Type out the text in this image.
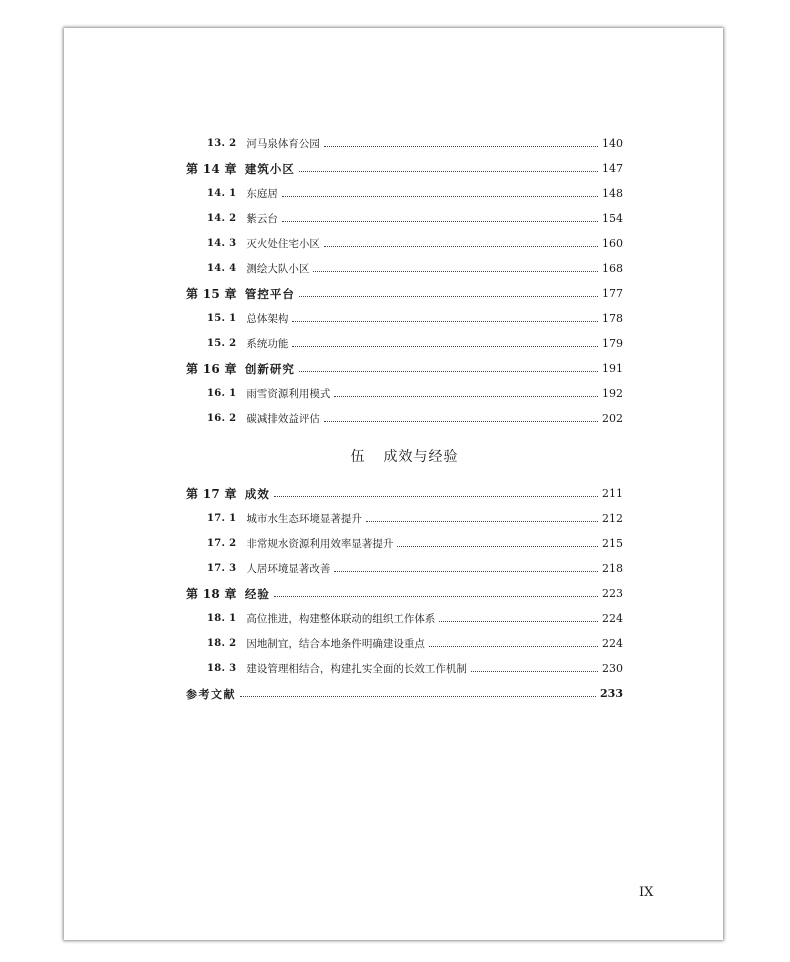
13. 2 河马泉体育公园	140
第 14 章 建筑小区	147
14. 1 东庭居	148
14. 2 紫云台	154
14. 3 灭火处住宅小区	160
14. 4 测绘大队小区	168
第 15 章 管控平台	177
15. 1 总体架构	178
15. 2 系统功能	179
第 16 章 创新研究	191
16. 1 雨雪资源利用模式	192
16. 2 碳减排效益评估	202
伍 成效与经验
第 17 章 成效	211
17. 1 城市水生态环境显著提升	212
17. 2 非常规水资源利用效率显著提升	215
17. 3 人居环境显著改善	218
第 18 章 经验	223
18. 1 高位推进，构建整体联动的组织工作体系	224
18. 2 因地制宜，结合本地条件明确建设重点	224
18. 3 建设管理相结合，构建扎实全面的长效工作机制	230
参考文献	233
IX
